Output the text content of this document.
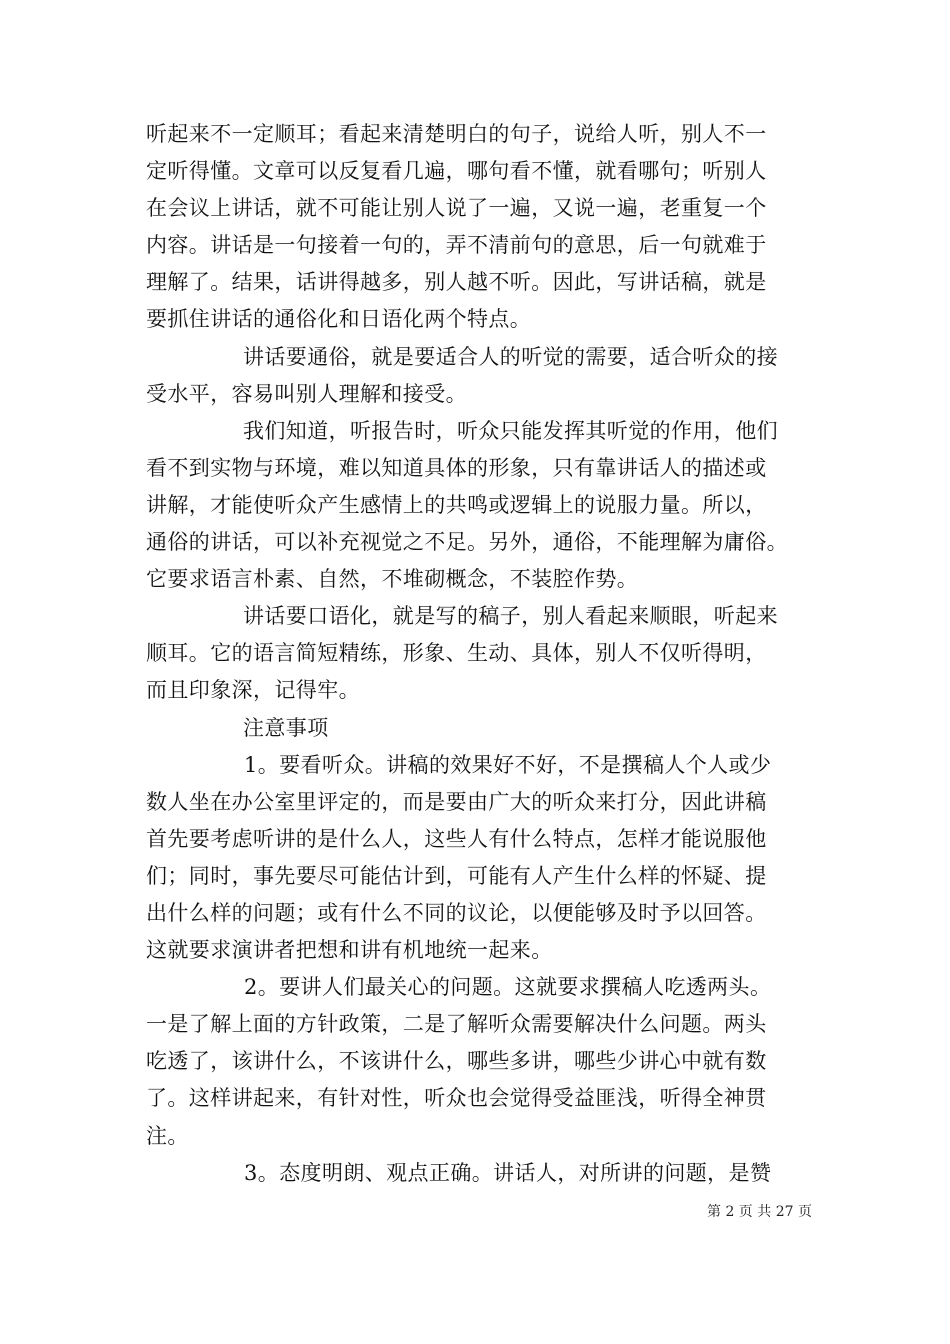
听起来不一定顺耳；看起来清楚明白的句子，说给人听，别人不一
定听得懂。文章可以反复看几遍，哪句看不懂，就看哪句；听别人
在会议上讲话，就不可能让别人说了一遍，又说一遍，老重复一个
内容。讲话是一句接着一句的，弄不清前句的意思，后一句就难于
理解了。结果，话讲得越多，别人越不听。因此，写讲话稿，就是
要抓住讲话的通俗化和日语化两个特点。
讲话要通俗，就是要适合人的听觉的需要，适合听众的接
受水平，容易叫别人理解和接受。
我们知道，听报告时，听众只能发挥其听觉的作用，他们
看不到实物与环境，难以知道具体的形象，只有靠讲话人的描述或
讲解，才能使听众产生感情上的共鸣或逻辑上的说服力量。所以，
通俗的讲话，可以补充视觉之不足。另外，通俗，不能理解为庸俗。
它要求语言朴素、自然，不堆砌概念，不装腔作势。
讲话要口语化，就是写的稿子，别人看起来顺眼，听起来
顺耳。它的语言简短精练，形象、生动、具体，别人不仅听得明，
而且印象深，记得牢。
注意事项
1。要看听众。讲稿的效果好不好，不是撰稿人个人或少
数人坐在办公室里评定的，而是要由广大的听众来打分，因此讲稿
首先要考虑听讲的是什么人，这些人有什么特点，怎样才能说服他
们；同时，事先要尽可能估计到，可能有人产生什么样的怀疑、提
出什么样的问题；或有什么不同的议论，以便能够及时予以回答。
这就要求演讲者把想和讲有机地统一起来。
2。要讲人们最关心的问题。这就要求撰稿人吃透两头。
一是了解上面的方针政策，二是了解听众需要解决什么问题。两头
吃透了，该讲什么，不该讲什么，哪些多讲，哪些少讲心中就有数
了。这样讲起来，有针对性，听众也会觉得受益匪浅，听得全神贯
注。
3。态度明朗、观点正确。讲话人，对所讲的问题，是赞
第 2 页 共 27 页
